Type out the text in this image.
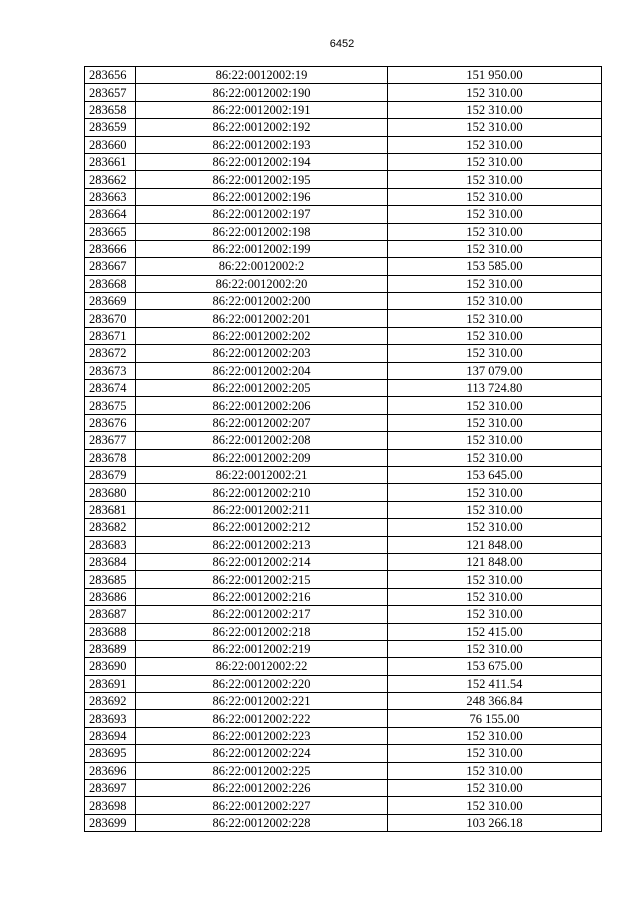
6452
283656	86:22:0012002:19	151 950.00
283657	86:22:0012002:190	152 310.00
283658	86:22:0012002:191	152 310.00
283659	86:22:0012002:192	152 310.00
283660	86:22:0012002:193	152 310.00
283661	86:22:0012002:194	152 310.00
283662	86:22:0012002:195	152 310.00
283663	86:22:0012002:196	152 310.00
283664	86:22:0012002:197	152 310.00
283665	86:22:0012002:198	152 310.00
283666	86:22:0012002:199	152 310.00
283667	86:22:0012002:2	153 585.00
283668	86:22:0012002:20	152 310.00
283669	86:22:0012002:200	152 310.00
283670	86:22:0012002:201	152 310.00
283671	86:22:0012002:202	152 310.00
283672	86:22:0012002:203	152 310.00
283673	86:22:0012002:204	137 079.00
283674	86:22:0012002:205	113 724.80
283675	86:22:0012002:206	152 310.00
283676	86:22:0012002:207	152 310.00
283677	86:22:0012002:208	152 310.00
283678	86:22:0012002:209	152 310.00
283679	86:22:0012002:21	153 645.00
283680	86:22:0012002:210	152 310.00
283681	86:22:0012002:211	152 310.00
283682	86:22:0012002:212	152 310.00
283683	86:22:0012002:213	121 848.00
283684	86:22:0012002:214	121 848.00
283685	86:22:0012002:215	152 310.00
283686	86:22:0012002:216	152 310.00
283687	86:22:0012002:217	152 310.00
283688	86:22:0012002:218	152 415.00
283689	86:22:0012002:219	152 310.00
283690	86:22:0012002:22	153 675.00
283691	86:22:0012002:220	152 411.54
283692	86:22:0012002:221	248 366.84
283693	86:22:0012002:222	76 155.00
283694	86:22:0012002:223	152 310.00
283695	86:22:0012002:224	152 310.00
283696	86:22:0012002:225	152 310.00
283697	86:22:0012002:226	152 310.00
283698	86:22:0012002:227	152 310.00
283699	86:22:0012002:228	103 266.18
